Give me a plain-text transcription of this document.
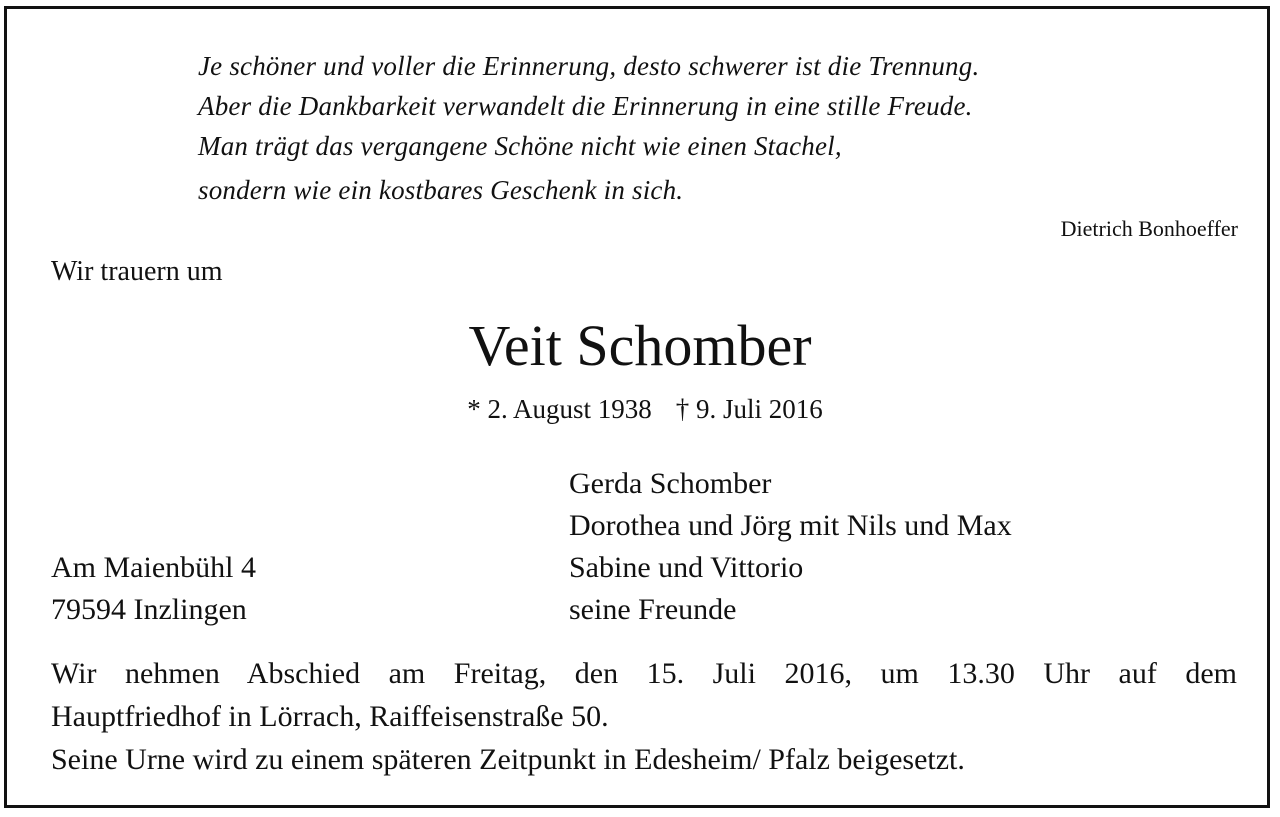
Je schöner und voller die Erinnerung, desto schwerer ist die Trennung.
Aber die Dankbarkeit verwandelt die Erinnerung in eine stille Freude.
Man trägt das vergangene Schöne nicht wie einen Stachel,
sondern wie ein kostbares Geschenk in sich.
Dietrich Bonhoeffer
Wir trauern um
Veit Schomber
* 2. August 1938 † 9. Juli 2016
Gerda Schomber
Dorothea und Jörg mit Nils und Max
Sabine und Vittorio
seine Freunde
Am Maienbühl 4
79594 Inzlingen
Wir nehmen Abschied am Freitag, den 15. Juli 2016, um 13.30 Uhr auf dem
Hauptfriedhof in Lörrach, Raiffeisenstraße 50.
Seine Urne wird zu einem späteren Zeitpunkt in Edesheim/ Pfalz beigesetzt.
